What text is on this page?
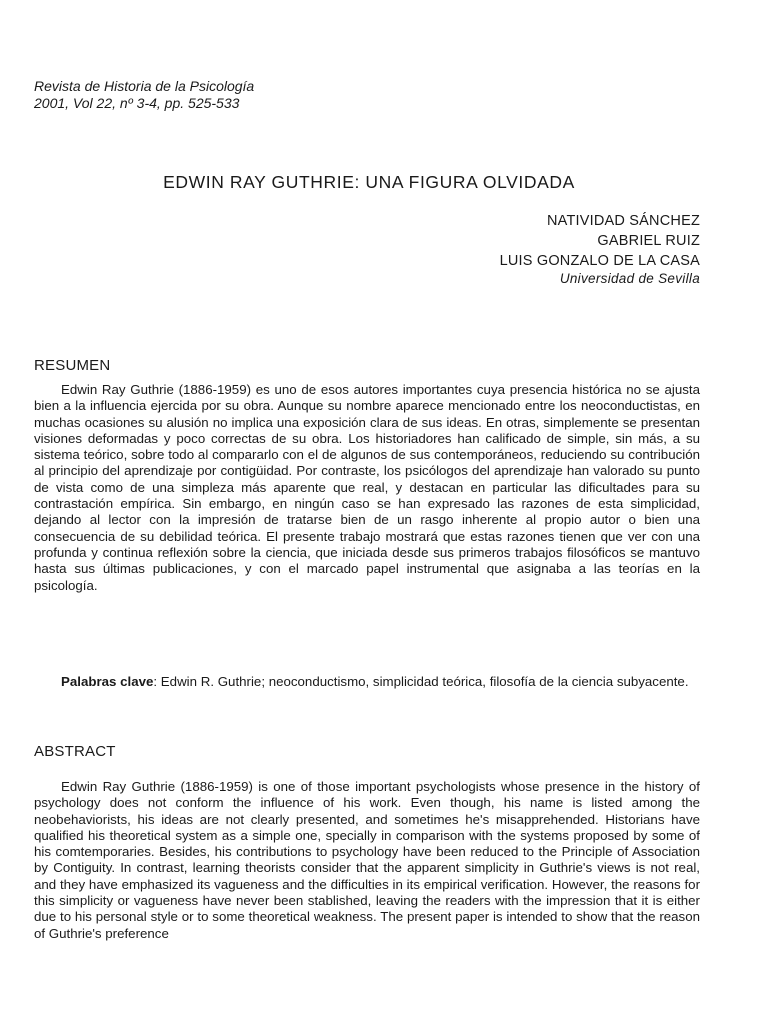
Revista de Historia de la Psicología
2001, Vol 22, nº 3-4, pp. 525-533
EDWIN RAY GUTHRIE: UNA FIGURA OLVIDADA
NATIVIDAD SÁNCHEZ
GABRIEL RUIZ
LUIS GONZALO DE LA CASA
Universidad de Sevilla
RESUMEN

Edwin Ray Guthrie (1886-1959) es uno de esos autores importantes cuya presencia histórica no se ajusta bien a la influencia ejercida por su obra. Aunque su nombre aparece mencionado entre los neoconductistas, en muchas ocasiones su alusión no implica una exposición clara de sus ideas. En otras, simplemente se presentan visiones deformadas y poco correctas de su obra. Los historiadores han calificado de simple, sin más, a su sistema teórico, sobre todo al compararlo con el de algunos de sus contemporáneos, reduciendo su contribución al principio del aprendizaje por contigüidad. Por contraste, los psicólogos del aprendizaje han valorado su punto de vista como de una simpleza más aparente que real, y destacan en particular las dificultades para su contrastación empírica. Sin embargo, en ningún caso se han expresado las razones de esta simplicidad, dejando al lector con la impresión de tratarse bien de un rasgo inherente al propio autor o bien una consecuencia de su debilidad teórica. El presente trabajo mostrará que estas razones tienen que ver con una profunda y continua reflexión sobre la ciencia, que iniciada desde sus primeros trabajos filosóficos se mantuvo hasta sus últimas publicaciones, y con el marcado papel instrumental que asignaba a las teorías en la psicología.

Palabras clave: Edwin R. Guthrie; neoconductismo, simplicidad teórica, filosofía de la ciencia subyacente.

ABSTRACT

Edwin Ray Guthrie (1886-1959) is one of those important psychologists whose presence in the history of psychology does not conform the influence of his work. Even though, his name is listed among the neobehaviorists, his ideas are not clearly presented, and sometimes he's misapprehended. Historians have qualified his theoretical system as a simple one, specially in comparison with the systems proposed by some of his comtemporaries. Besides, his contributions to psychology have been reduced to the Principle of Association by Contiguity. In contrast, learning theorists consider that the apparent simplicity in Guthrie's views is not real, and they have emphasized its vagueness and the difficulties in its empirical verification. However, the reasons for this simplicity or vagueness have never been stablished, leaving the readers with the impression that it is either due to his personal style or to some theoretical weakness. The present paper is intended to show that the reason of Guthrie's preference
